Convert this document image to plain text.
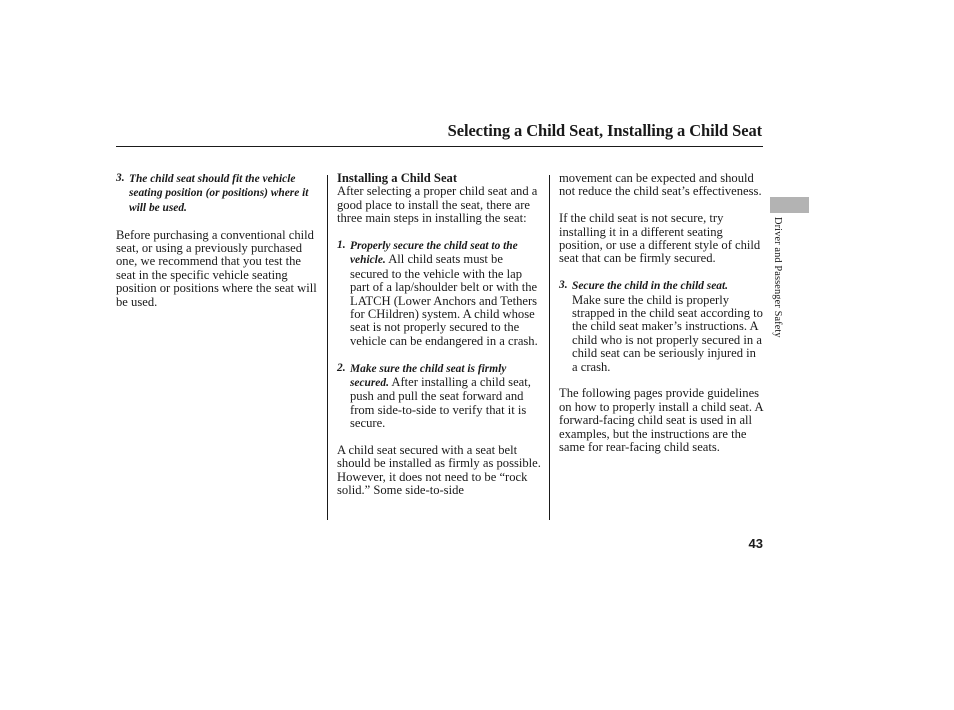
Selecting a Child Seat, Installing a Child Seat
3. The child seat should fit the vehicle seating position (or positions) where it will be used.

Before purchasing a conventional child seat, or using a previously purchased one, we recommend that you test the seat in the specific vehicle seating position or positions where the seat will be used.

Installing a Child Seat

After selecting a proper child seat and a good place to install the seat, there are three main steps in installing the seat:

1. Properly secure the child seat to the vehicle. All child seats must be secured to the vehicle with the lap part of a lap/shoulder belt or with the LATCH (Lower Anchors and Tethers for CHildren) system. A child whose seat is not properly secured to the vehicle can be endangered in a crash.
2. Make sure the child seat is firmly secured. After installing a child seat, push and pull the seat forward and from side-to-side to verify that it is secure.

A child seat secured with a seat belt should be installed as firmly as possible. However, it does not need to be “rock solid.” Some side-to-side

movement can be expected and should not reduce the child seat’s effectiveness.

If the child seat is not secure, try installing it in a different seating position, or use a different style of child seat that can be firmly secured.

3. Secure the child in the child seat.
Make sure the child is properly strapped in the child seat according to the child seat maker’s instructions. A child who is not properly secured in a child seat can be seriously injured in a crash.

The following pages provide guidelines on how to properly install a child seat. A forward-facing child seat is used in all examples, but the instructions are the same for rear-facing child seats.

Driver and Passenger Safety
43
